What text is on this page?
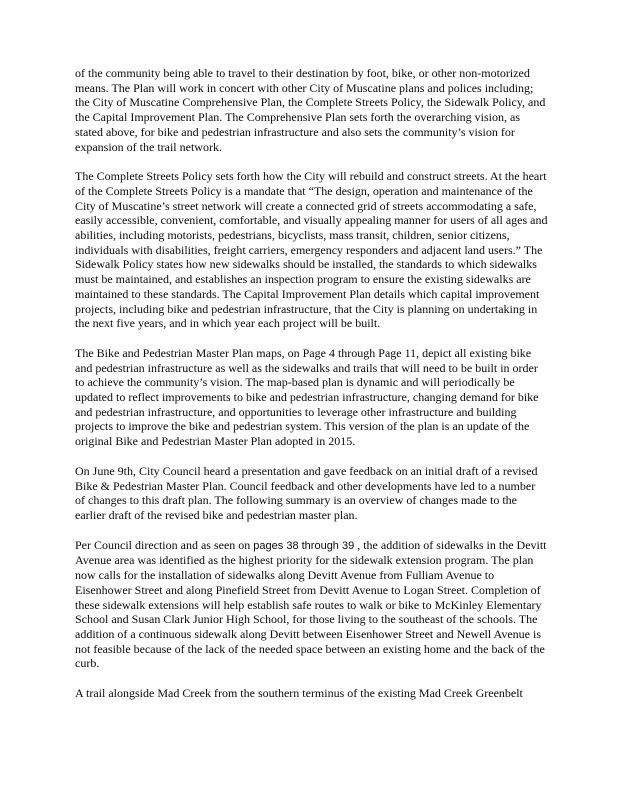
of the community being able to travel to their destination by foot, bike, or other non-motorized means. The Plan will work in concert with other City of Muscatine plans and polices including; the City of Muscatine Comprehensive Plan, the Complete Streets Policy, the Sidewalk Policy, and the Capital Improvement Plan. The Comprehensive Plan sets forth the overarching vision, as stated above, for bike and pedestrian infrastructure and also sets the community’s vision for expansion of the trail network.

The Complete Streets Policy sets forth how the City will rebuild and construct streets. At the heart of the Complete Streets Policy is a mandate that “The design, operation and maintenance of the City of Muscatine’s street network will create a connected grid of streets accommodating a safe, easily accessible, convenient, comfortable, and visually appealing manner for users of all ages and abilities, including motorists, pedestrians, bicyclists, mass transit, children, senior citizens, individuals with disabilities, freight carriers, emergency responders and adjacent land users.” The Sidewalk Policy states how new sidewalks should be installed, the standards to which sidewalks must be maintained, and establishes an inspection program to ensure the existing sidewalks are maintained to these standards. The Capital Improvement Plan details which capital improvement projects, including bike and pedestrian infrastructure, that the City is planning on undertaking in the next five years, and in which year each project will be built.

The Bike and Pedestrian Master Plan maps, on Page 4 through Page 11, depict all existing bike and pedestrian infrastructure as well as the sidewalks and trails that will need to be built in order to achieve the community’s vision. The map-based plan is dynamic and will periodically be updated to reflect improvements to bike and pedestrian infrastructure, changing demand for bike and pedestrian infrastructure, and opportunities to leverage other infrastructure and building projects to improve the bike and pedestrian system. This version of the plan is an update of the original Bike and Pedestrian Master Plan adopted in 2015.

On June 9th, City Council heard a presentation and gave feedback on an initial draft of a revised Bike & Pedestrian Master Plan. Council feedback and other developments have led to a number of changes to this draft plan. The following summary is an overview of changes made to the earlier draft of the revised bike and pedestrian master plan.

Per Council direction and as seen on pages 38 through 39 , the addition of sidewalks in the Devitt Avenue area was identified as the highest priority for the sidewalk extension program. The plan now calls for the installation of sidewalks along Devitt Avenue from Fulliam Avenue to Eisenhower Street and along Pinefield Street from Devitt Avenue to Logan Street. Completion of these sidewalk extensions will help establish safe routes to walk or bike to McKinley Elementary School and Susan Clark Junior High School, for those living to the southeast of the schools. The addition of a continuous sidewalk along Devitt between Eisenhower Street and Newell Avenue is not feasible because of the lack of the needed space between an existing home and the back of the curb.

A trail alongside Mad Creek from the southern terminus of the existing Mad Creek Greenbelt
